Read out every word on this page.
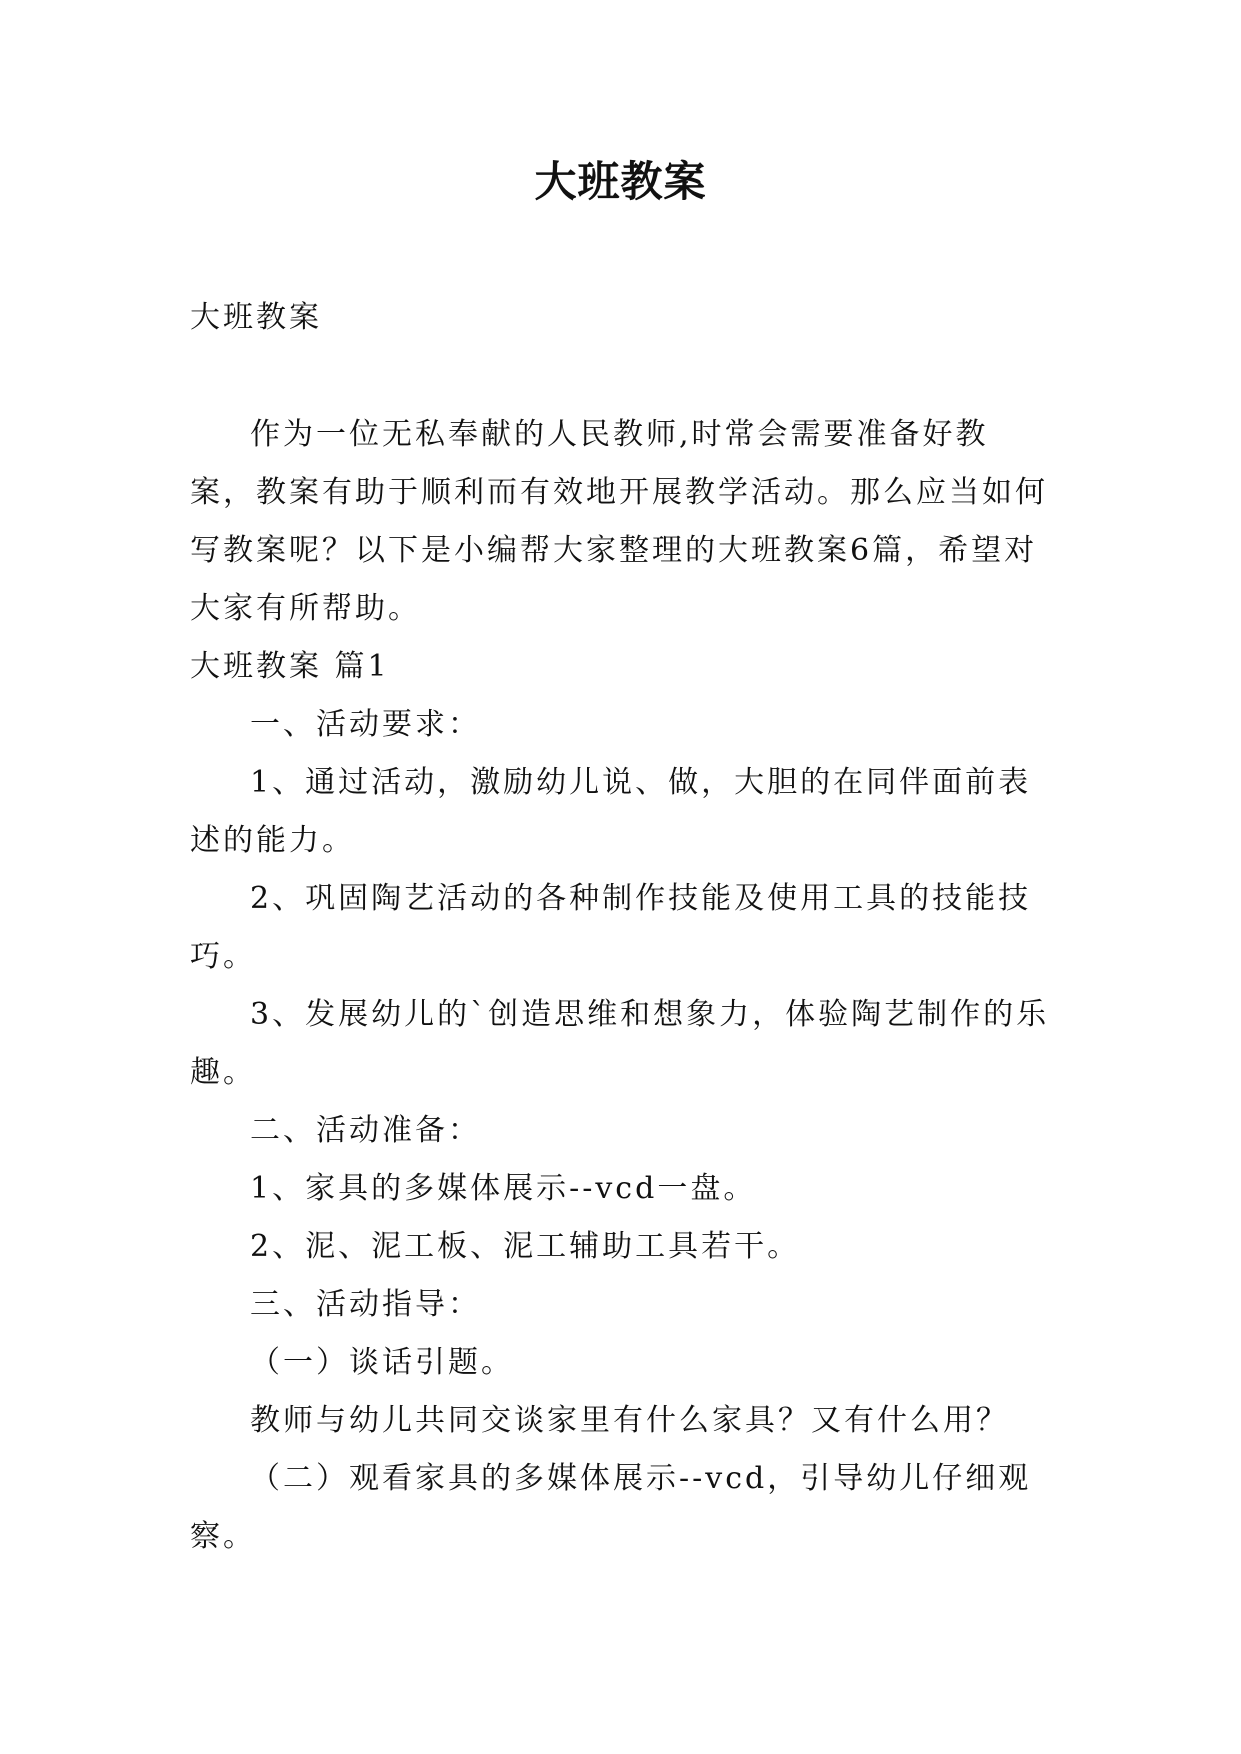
大班教案

大班教案

作为一位无私奉献的人民教师,时常会需要准备好教案，教案有助于顺利而有效地开展教学活动。那么应当如何写教案呢？以下是小编帮大家整理的大班教案6篇，希望对大家有所帮助。

大班教案 篇1

一、活动要求：

1、通过活动，激励幼儿说、做，大胆的在同伴面前表述的能力。

2、巩固陶艺活动的各种制作技能及使用工具的技能技巧。

3、发展幼儿的`创造思维和想象力，体验陶艺制作的乐趣。

二、活动准备：

1、家具的多媒体展示--vcd一盘。

2、泥、泥工板、泥工辅助工具若干。

三、活动指导：

（一）谈话引题。

教师与幼儿共同交谈家里有什么家具？又有什么用？

（二）观看家具的多媒体展示--vcd，引导幼儿仔细观察。
